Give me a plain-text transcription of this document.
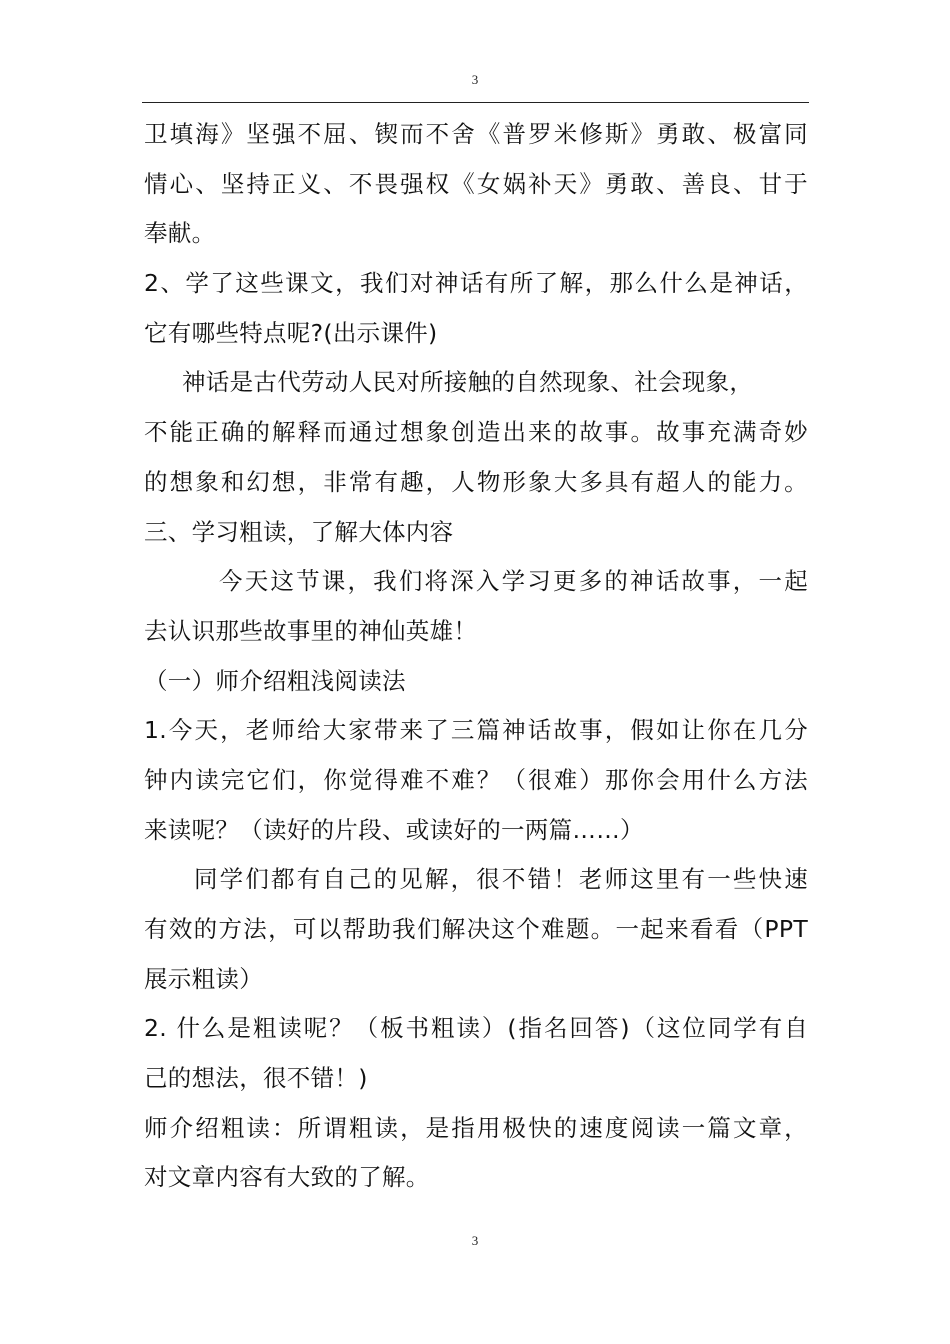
3
卫填海》坚强不屈、锲而不舍《普罗米修斯》勇敢、极富同
情心、坚持正义、不畏强权《女娲补天》勇敢、善良、甘于
奉献。
2、学了这些课文，我们对神话有所了解，那么什么是神话，
它有哪些特点呢?(出示课件)
神话是古代劳动人民对所接触的自然现象、社会现象，
不能正确的解释而通过想象创造出来的故事。故事充满奇妙
的想象和幻想，非常有趣，人物形象大多具有超人的能力。
三、学习粗读，了解大体内容
今天这节课，我们将深入学习更多的神话故事，一起
去认识那些故事里的神仙英雄！
（一）师介绍粗浅阅读法
1.今天，老师给大家带来了三篇神话故事，假如让你在几分
钟内读完它们，你觉得难不难？（很难）那你会用什么方法
来读呢？（读好的片段、或读好的一两篇……）
同学们都有自己的见解，很不错！老师这里有一些快速
有效的方法，可以帮助我们解决这个难题。一起来看看（PPT
展示粗读）
2. 什么是粗读呢？（板书粗读）(指名回答)（这位同学有自
己的想法，很不错！)
师介绍粗读：所谓粗读，是指用极快的速度阅读一篇文章，
对文章内容有大致的了解。
3
